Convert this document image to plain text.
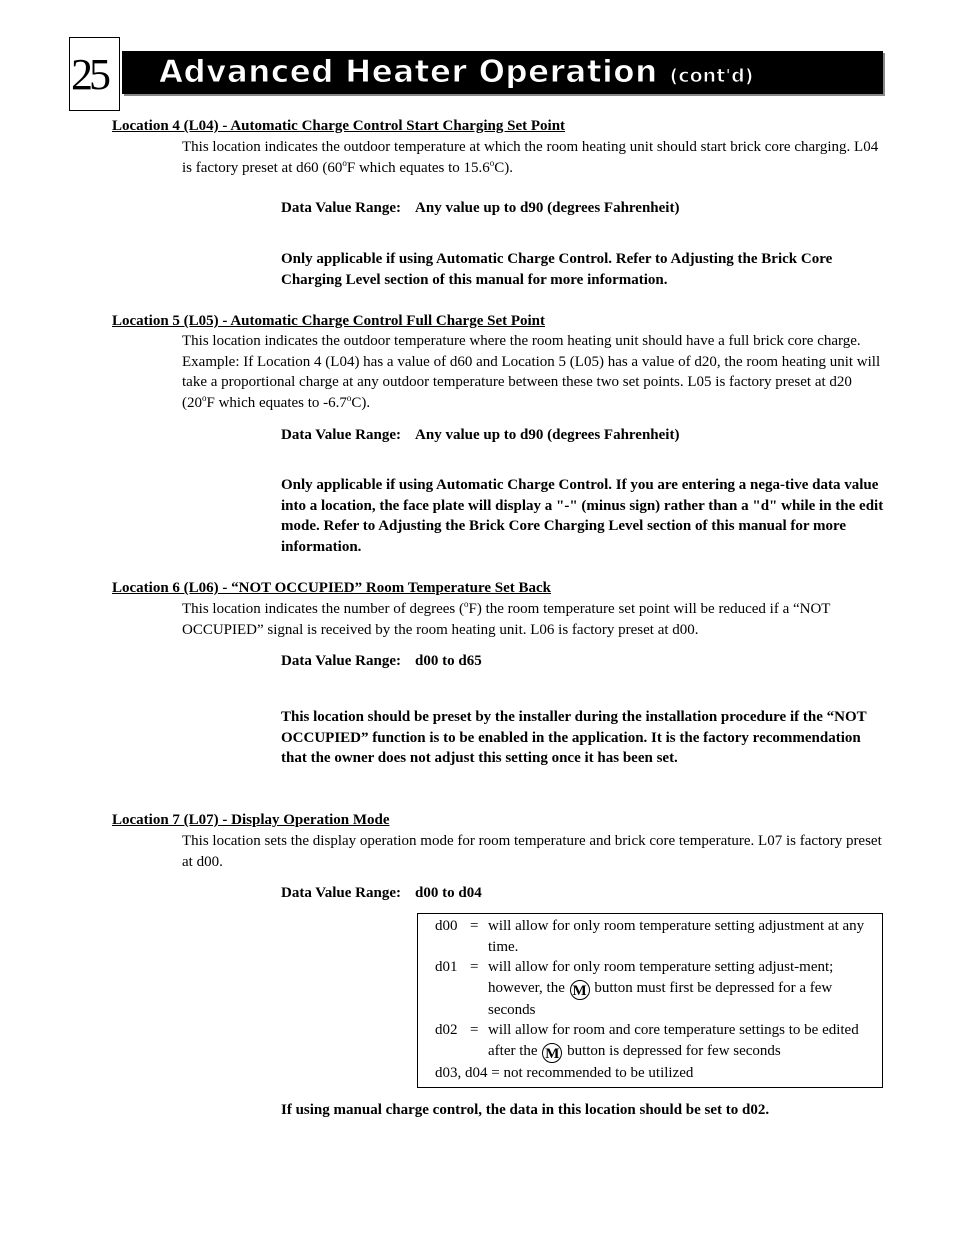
25	Advanced Heater Operation (cont'd)
Location 4 (L04) - Automatic Charge Control Start Charging Set Point
This location indicates the outdoor temperature at which the room heating unit should start brick core charging. L04 is factory preset at d60 (60$^o$F which equates to 15.6$^o$C).
Data Value Range: Any value up to d90 (degrees Fahrenheit)
Only applicable if using Automatic Charge Control. Refer to Adjusting the Brick Core Charging Level section of this manual for more information.
Location 5 (L05) - Automatic Charge Control Full Charge Set Point
This location indicates the outdoor temperature where the room heating unit should have a full brick core charge. Example: If Location 4 (L04) has a value of d60 and Location 5 (L05) has a value of d20, the room heating unit will take a proportional charge at any outdoor temperature between these two set points. L05 is factory preset at d20 (20$^o$F which equates to -6.7$^o$C).
Data Value Range: Any value up to d90 (degrees Fahrenheit)
Only applicable if using Automatic Charge Control. If you are entering a nega-tive data value into a location, the face plate will display a "-" (minus sign) rather than a "d" while in the edit mode. Refer to Adjusting the Brick Core Charging Level section of this manual for more information.
Location 6 (L06) - “NOT OCCUPIED” Room Temperature Set Back
This location indicates the number of degrees ($^o$F) the room temperature set point will be reduced if a “NOT OCCUPIED” signal is received by the room heating unit. L06 is factory preset at d00.
Data Value Range: d00 to d65
This location should be preset by the installer during the installation procedure if the “NOT OCCUPIED” function is to be enabled in the application. It is the factory recommendation that the owner does not adjust this setting once it has been set.
Location 7 (L07) - Display Operation Mode
This location sets the display operation mode for room temperature and brick core temperature. L07 is factory preset at d00.
Data Value Range: d00 to d04
d00 = will allow for only room temperature setting adjustment at any time.
d01 = will allow for only room temperature setting adjust-ment; however, the M button must first be depressed for a few seconds
d02 = will allow for room and core temperature settings to be edited after the M button is depressed for few seconds
d03, d04 = not recommended to be utilized
If using manual charge control, the data in this location should be set to d02.
